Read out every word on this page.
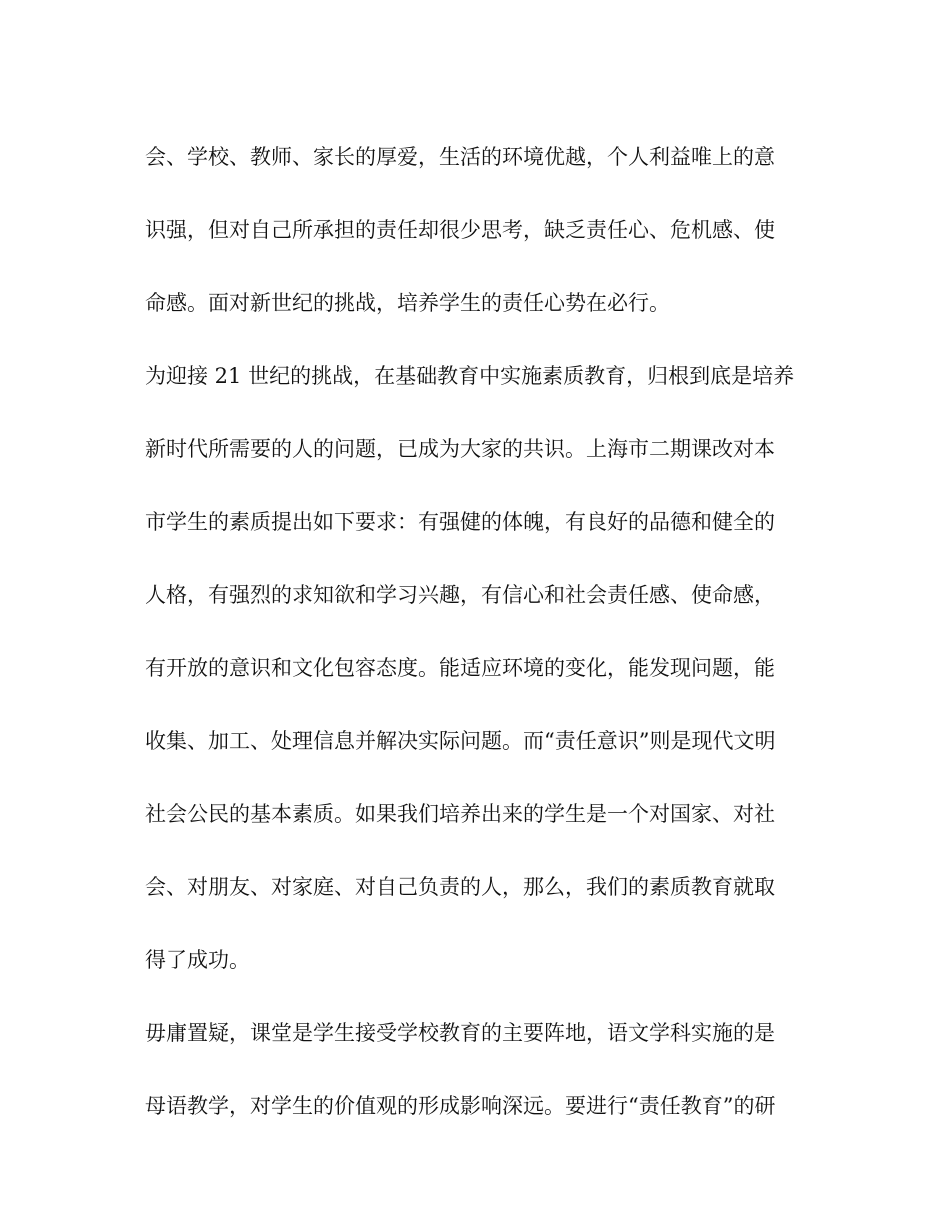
会、学校、教师、家长的厚爱，生活的环境优越，个人利益唯上的意
识强，但对自己所承担的责任却很少思考，缺乏责任心、危机感、使
命感。面对新世纪的挑战，培养学生的责任心势在必行。
为迎接 21 世纪的挑战，在基础教育中实施素质教育，归根到底是培养
新时代所需要的人的问题，已成为大家的共识。上海市二期课改对本
市学生的素质提出如下要求：有强健的体魄，有良好的品德和健全的
人格，有强烈的求知欲和学习兴趣，有信心和社会责任感、使命感，
有开放的意识和文化包容态度。能适应环境的变化，能发现问题，能
收集、加工、处理信息并解决实际问题。而“责任意识”则是现代文明
社会公民的基本素质。如果我们培养出来的学生是一个对国家、对社
会、对朋友、对家庭、对自己负责的人，那么，我们的素质教育就取
得了成功。
毋庸置疑，课堂是学生接受学校教育的主要阵地，语文学科实施的是
母语教学，对学生的价值观的形成影响深远。要进行“责任教育”的研
